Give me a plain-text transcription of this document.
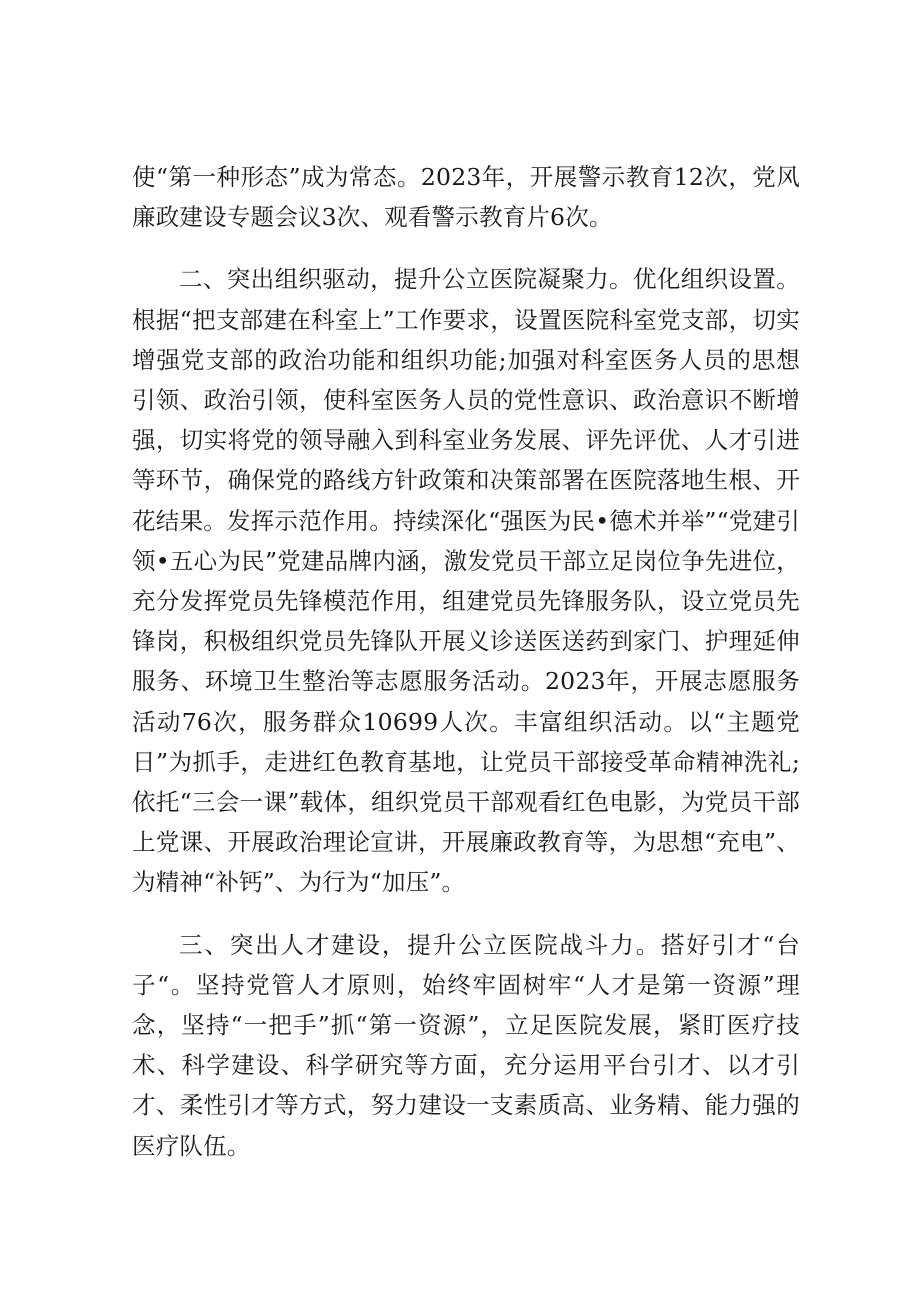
使“第一种形态”成为常态。2023年，开展警示教育12次，党风廉政建设专题会议3次、观看警示教育片6次。

二、突出组织驱动，提升公立医院凝聚力。优化组织设置。根据“把支部建在科室上”工作要求，设置医院科室党支部，切实增强党支部的政治功能和组织功能;加强对科室医务人员的思想引领、政治引领，使科室医务人员的党性意识、政治意识不断增强，切实将党的领导融入到科室业务发展、评先评优、人才引进等环节，确保党的路线方针政策和决策部署在医院落地生根、开花结果。发挥示范作用。持续深化“强医为民•德术并举”“党建引领•五心为民”党建品牌内涵，激发党员干部立足岗位争先进位，充分发挥党员先锋模范作用，组建党员先锋服务队，设立党员先锋岗，积极组织党员先锋队开展义诊送医送药到家门、护理延伸服务、环境卫生整治等志愿服务活动。2023年，开展志愿服务活动76次，服务群众10699人次。丰富组织活动。以“主题党日”为抓手，走进红色教育基地，让党员干部接受革命精神洗礼;依托“三会一课”载体，组织党员干部观看红色电影，为党员干部上党课、开展政治理论宣讲，开展廉政教育等，为思想“充电”、为精神“补钙”、为行为“加压”。

三、突出人才建设，提升公立医院战斗力。搭好引才“台子“。坚持党管人才原则，始终牢固树牢“人才是第一资源”理念，坚持“一把手”抓“第一资源”，立足医院发展，紧盯医疗技术、科学建设、科学研究等方面，充分运用平台引才、以才引才、柔性引才等方式，努力建设一支素质高、业务精、能力强的医疗队伍。
